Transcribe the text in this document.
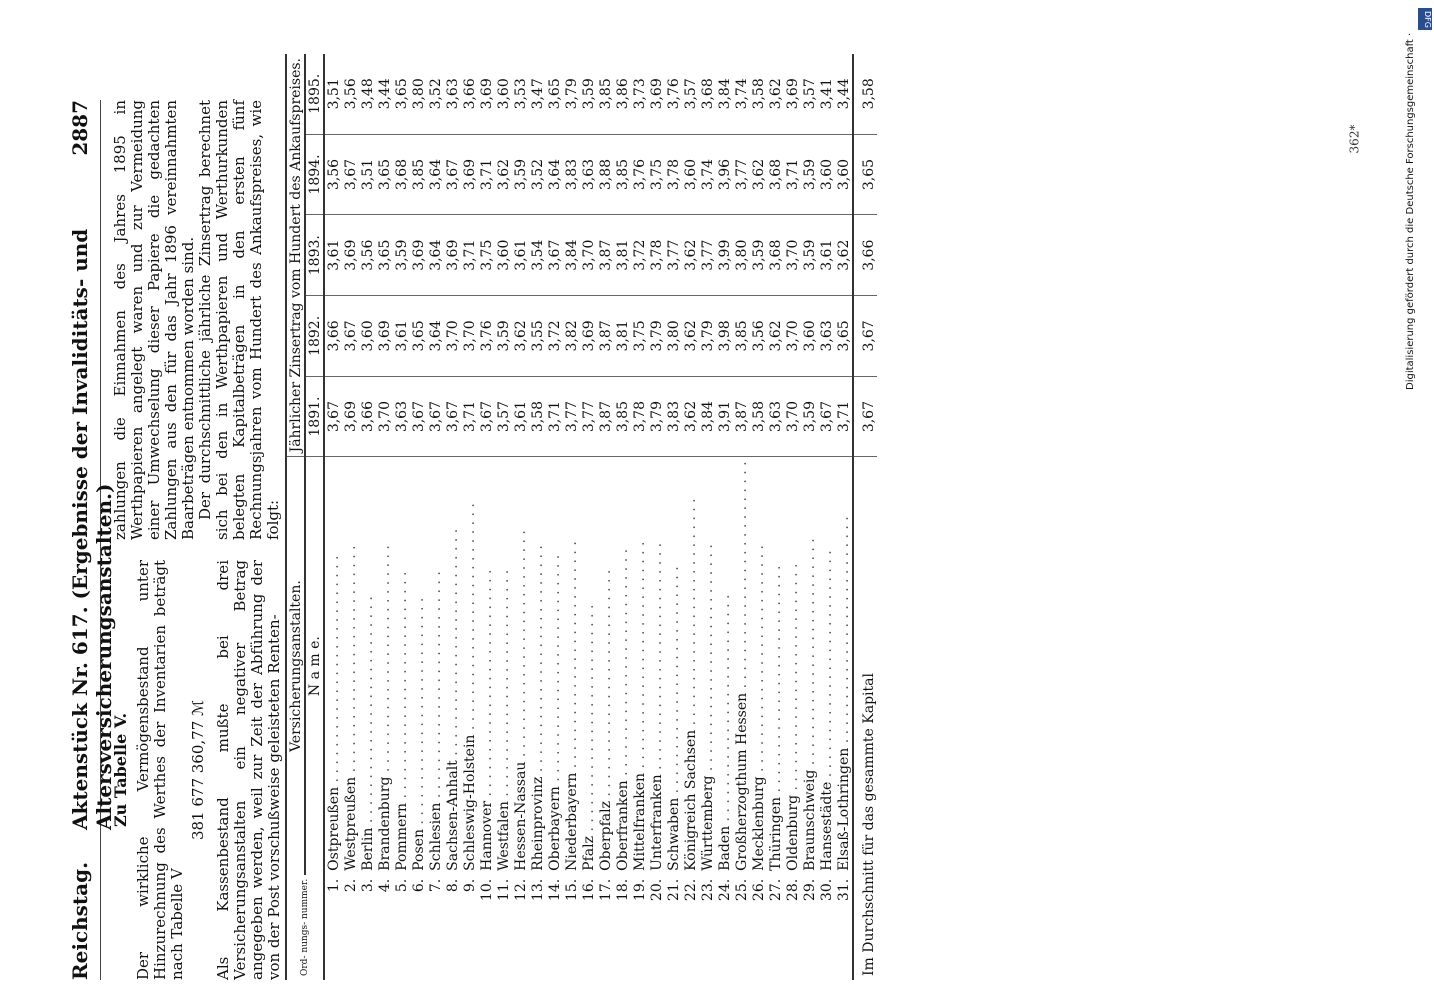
Reichstag.
Aktenstück Nr. 617. (Ergebnisse der Invaliditäts- und Altersversicherungsanstalten.)
2887
Zu Tabelle V. Der wirkliche Vermögensbestand unter Hinzurechnung des Werthes der Inventarien beträgt nach Tabelle V
381 677 360,77 ℳ Als Kassenbestand mußte bei drei Versicherungsanstalten ein negativer Betrag angegeben werden, weil zur Zeit der Abführung der von der Post vorschußweise geleisteten Renten-
zahlungen die Einnahmen des Jahres 1895 in Werthpapieren angelegt waren und zur Vermeidung einer Umwechselung dieser Papiere die gedachten Zahlungen aus den für das Jahr 1896 vereinnahmten Baarbeträgen entnommen worden sind. Der durchschnittliche jährliche Zinsertrag berechnet sich bei den in Werthpapieren und Werthurkunden belegten Kapitalbeträgen in den ersten fünf Rechnungsjahren vom Hundert des Ankaufspreises, wie folgt:
Ord- nungs- nummer.	Versicherungsanstalten.	Jährlicher Zinsertrag vom Hundert des Ankaufspreises.				
	N a m e.	1891.	1892.	1893.	1894.	1895.
1.	Ostpreußen . . .	3,67	3,66	3,61	3,56	3,51
2.	Westpreußen . . .	3,69	3,67	3,69	3,67	3,56
3.	Berlin . . .	3,66	3,60	3,56	3,51	3,48
4.	Brandenburg . . .	3,70	3,69	3,65	3,65	3,44
5.	Pommern . . .	3,63	3,61	3,59	3,68	3,65
6.	Posen . . .	3,67	3,65	3,69	3,85	3,80
7.	Schlesien . . .	3,67	3,64	3,64	3,64	3,52
8.	Sachsen-Anhalt . . .	3,67	3,70	3,69	3,67	3,63
9.	Schleswig-Holstein . . .	3,71	3,70	3,71	3,69	3,66
10.	Hannover . . .	3,67	3,76	3,75	3,71	3,69
11.	Westfalen . . .	3,57	3,59	3,60	3,62	3,60
12.	Hessen-Nassau . . .	3,61	3,62	3,61	3,59	3,53
13.	Rheinprovinz . . .	3,58	3,55	3,54	3,52	3,47
14.	Oberbayern . . .	3,71	3,72	3,67	3,64	3,65
15.	Niederbayern . . .	3,77	3,82	3,84	3,83	3,79
16.	Pfalz . . .	3,77	3,69	3,70	3,63	3,59
17.	Oberpfalz . . .	3,87	3,87	3,87	3,88	3,85
18.	Oberfranken . . .	3,85	3,81	3,81	3,85	3,86
19.	Mittelfranken . . .	3,78	3,75	3,72	3,76	3,73
20.	Unterfranken . . .	3,79	3,79	3,78	3,75	3,69
21.	Schwaben . . .	3,83	3,80	3,77	3,78	3,76
22.	Königreich Sachsen . . .	3,62	3,62	3,62	3,60	3,57
23.	Württemberg . . .	3,84	3,79	3,77	3,74	3,68
24.	Baden . . .	3,91	3,98	3,99	3,96	3,84
25.	Großherzogthum Hessen . . .	3,87	3,85	3,80	3,77	3,74
26.	Mecklenburg . . .	3,58	3,56	3,59	3,62	3,58
27.	Thüringen . . .	3,63	3,62	3,68	3,68	3,62
28.	Oldenburg . . .	3,70	3,70	3,70	3,71	3,69
29.	Braunschweig . . .	3,59	3,60	3,59	3,59	3,57
30.	Hansestädte . . .	3,67	3,63	3,61	3,60	3,41
31.	Elsaß-Lothringen . . .	3,71	3,65	3,62	3,60	3,44
Im Durchschnitt für das gesammte Kapital		3,67	3,67	3,66	3,65	3,58
362*	Digitalisierung gefördert durch die Deutsche Forschungsgemeinschaft ·
DFG
